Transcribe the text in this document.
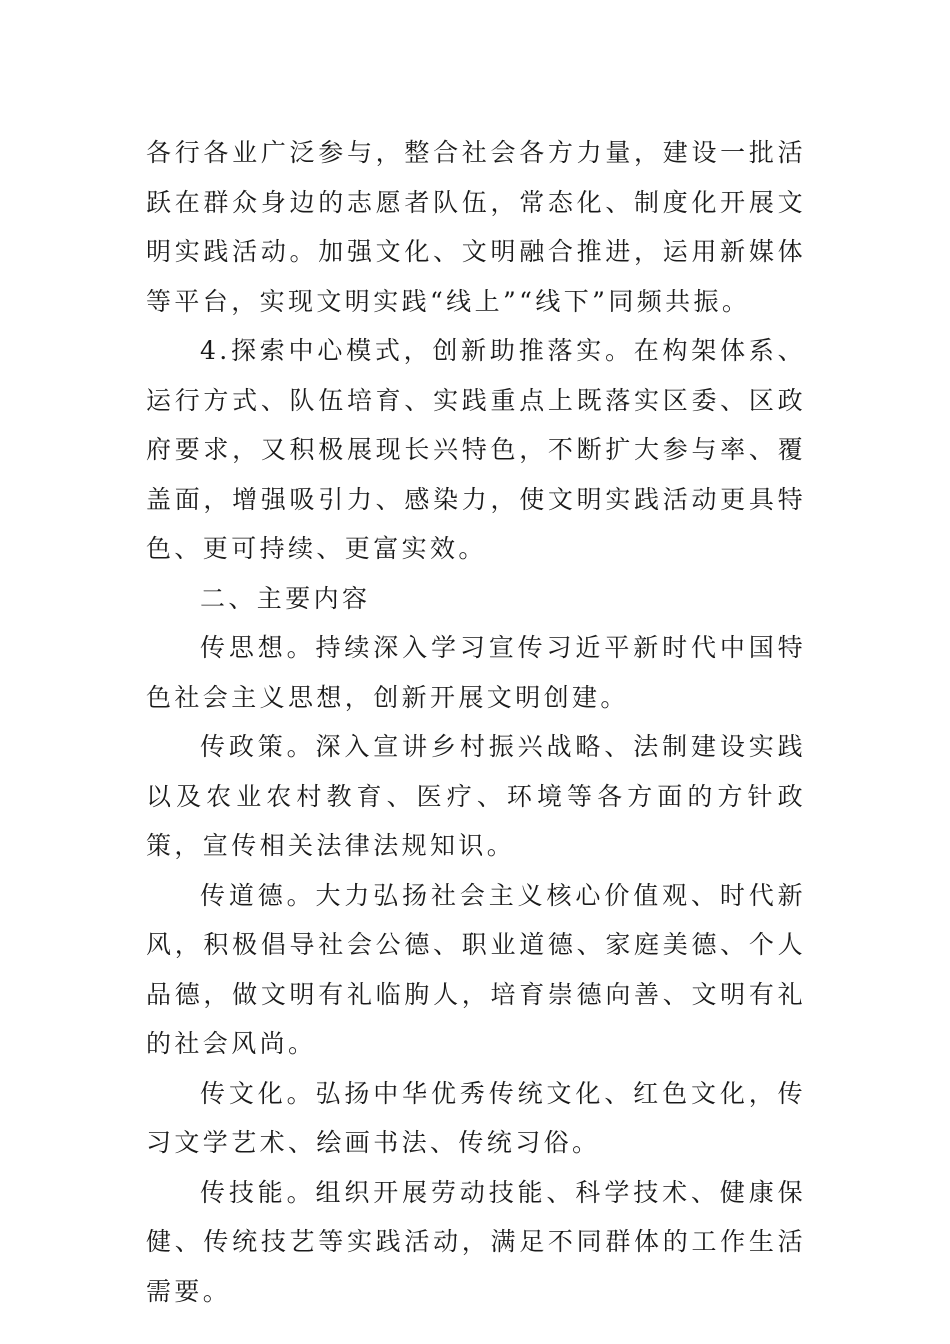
各行各业广泛参与，整合社会各方力量，建设一批活跃在群众身边的志愿者队伍，常态化、制度化开展文明实践活动。加强文化、文明融合推进，运用新媒体等平台，实现文明实践“线上”“线下”同频共振。

4.探索中心模式，创新助推落实。在构架体系、运行方式、队伍培育、实践重点上既落实区委、区政府要求，又积极展现长兴特色，不断扩大参与率、覆盖面，增强吸引力、感染力，使文明实践活动更具特色、更可持续、更富实效。

二、主要内容

传思想。持续深入学习宣传习近平新时代中国特色社会主义思想，创新开展文明创建。

传政策。深入宣讲乡村振兴战略、法制建设实践以及农业农村教育、医疗、环境等各方面的方针政策，宣传相关法律法规知识。

传道德。大力弘扬社会主义核心价值观、时代新风，积极倡导社会公德、职业道德、家庭美德、个人品德，做文明有礼临朐人，培育崇德向善、文明有礼的社会风尚。

传文化。弘扬中华优秀传统文化、红色文化，传习文学艺术、绘画书法、传统习俗。

传技能。组织开展劳动技能、科学技术、健康保健、传统技艺等实践活动，满足不同群体的工作生活需要。
